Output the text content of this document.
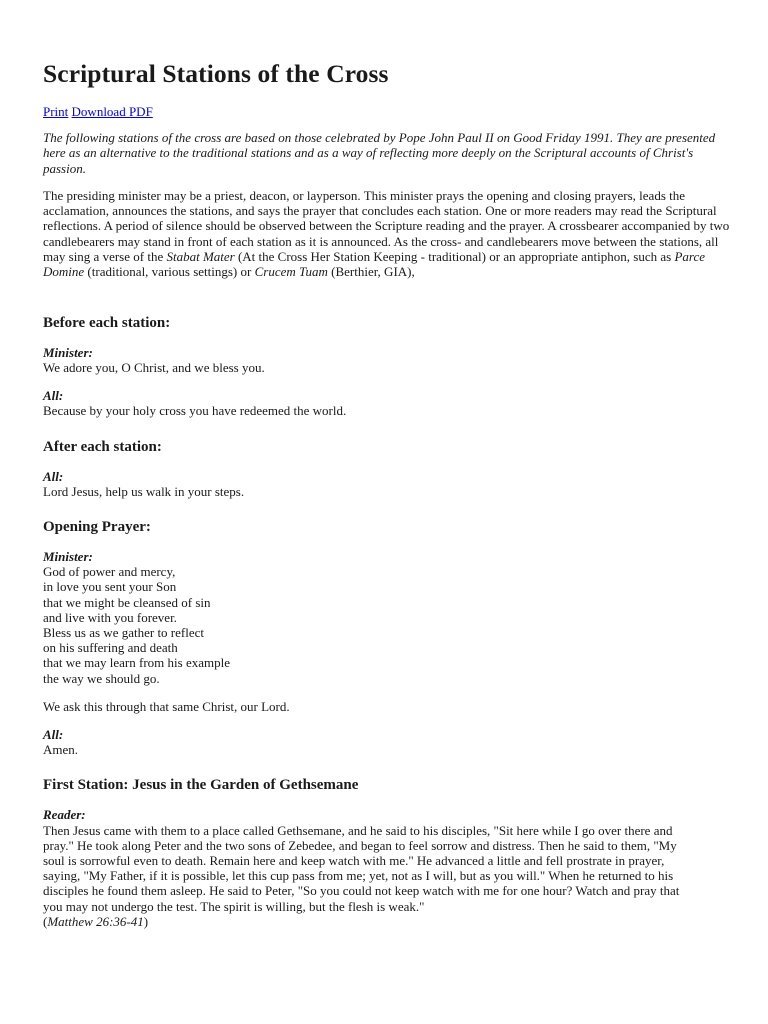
Scriptural Stations of the Cross
Print Download PDF
The following stations of the cross are based on those celebrated by Pope John Paul II on Good Friday 1991. They are presented here as an alternative to the traditional stations and as a way of reflecting more deeply on the Scriptural accounts of Christ's passion.
The presiding minister may be a priest, deacon, or layperson. This minister prays the opening and closing prayers, leads the acclamation, announces the stations, and says the prayer that concludes each station. One or more readers may read the Scriptural reflections. A period of silence should be observed between the Scripture reading and the prayer. A crossbearer accompanied by two candlebearers may stand in front of each station as it is announced. As the cross- and candlebearers move between the stations, all may sing a verse of the Stabat Mater (At the Cross Her Station Keeping - traditional) or an appropriate antiphon, such as Parce Domine (traditional, various settings) or Crucem Tuam (Berthier, GIA),
Before each station:
Minister:
We adore you, O Christ, and we bless you.
All:
Because by your holy cross you have redeemed the world.
After each station:
All:
Lord Jesus, help us walk in your steps.
Opening Prayer:
Minister:
God of power and mercy,
in love you sent your Son
that we might be cleansed of sin
and live with you forever.
Bless us as we gather to reflect
on his suffering and death
that we may learn from his example
the way we should go.
We ask this through that same Christ, our Lord.
All:
Amen.
First Station: Jesus in the Garden of Gethsemane
Reader:
Then Jesus came with them to a place called Gethsemane, and he said to his disciples, "Sit here while I go over there and
pray." He took along Peter and the two sons of Zebedee, and began to feel sorrow and distress. Then he said to them, "My
soul is sorrowful even to death. Remain here and keep watch with me." He advanced a little and fell prostrate in prayer,
saying, "My Father, if it is possible, let this cup pass from me; yet, not as I will, but as you will." When he returned to his
disciples he found them asleep. He said to Peter, "So you could not keep watch with me for one hour? Watch and pray that
you may not undergo the test. The spirit is willing, but the flesh is weak."
(Matthew 26:36-41)
